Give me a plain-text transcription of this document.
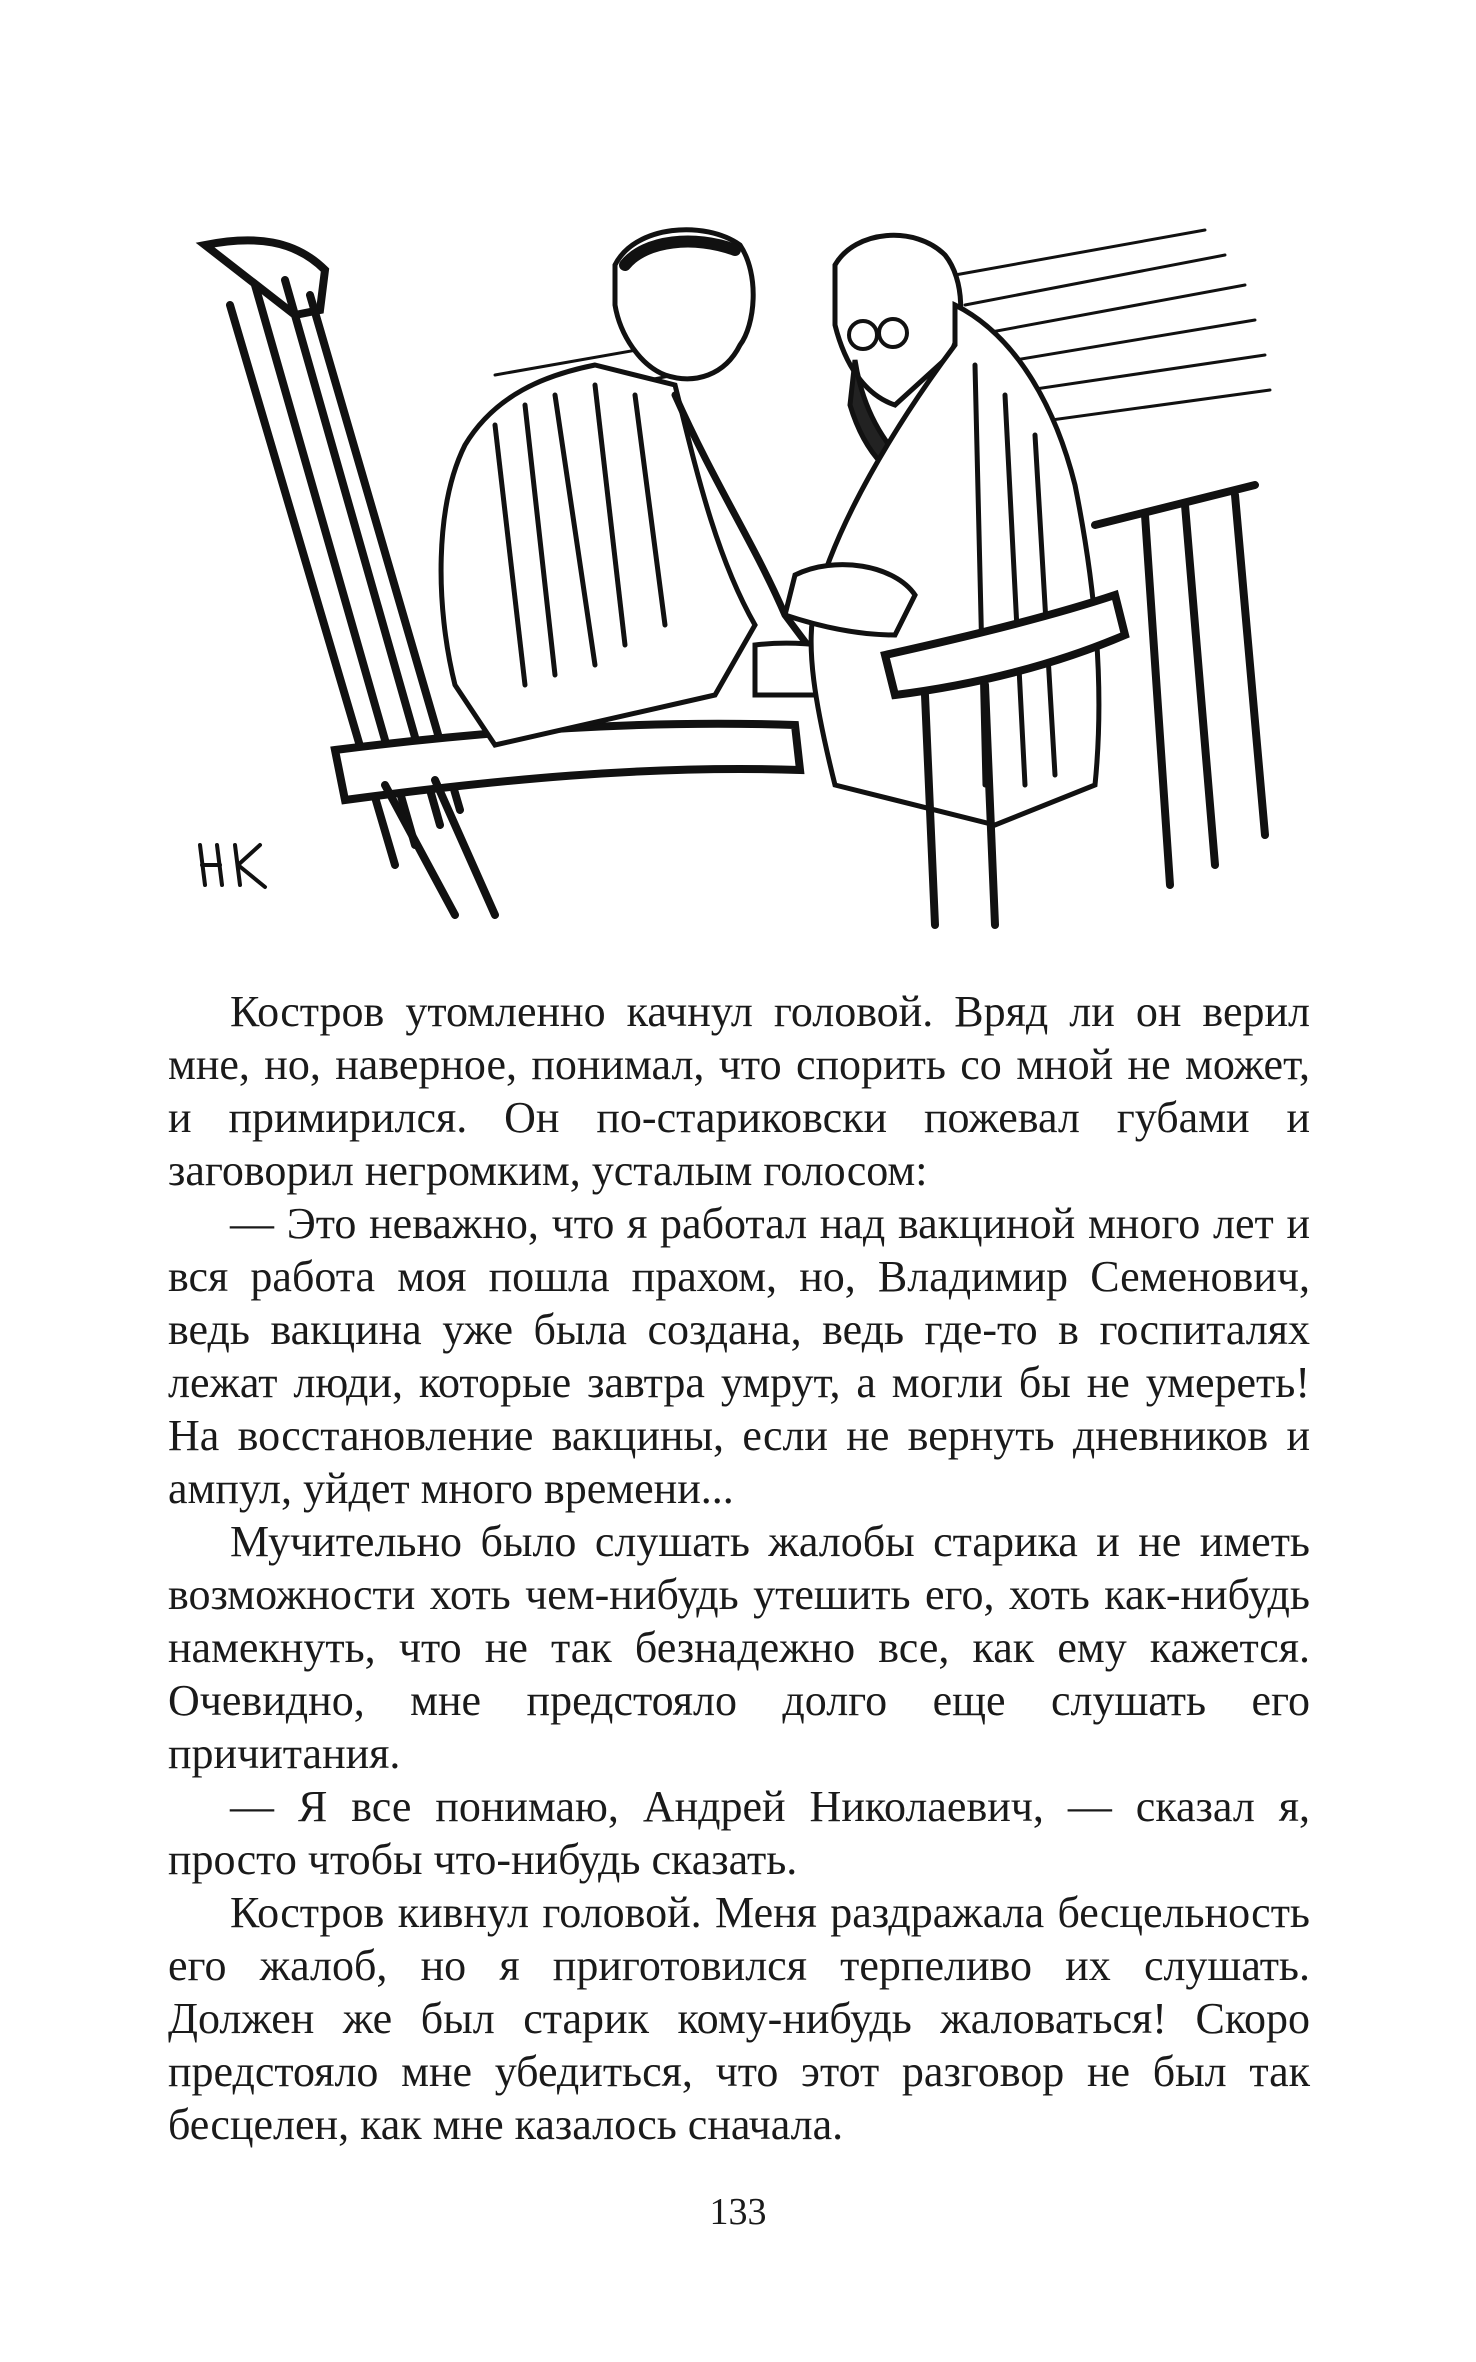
Костров утомленно качнул головой. Вряд ли он верил мне, но, наверное, понимал, что спорить со мной не может, и примирился. Он по-стариковски пожевал губами и заговорил негромким, усталым голосом:

— Это неважно, что я работал над вакциной много лет и вся работа моя пошла прахом, но, Владимир Семенович, ведь вакцина уже была создана, ведь где-то в госпиталях лежат люди, которые завтра умрут, а могли бы не умереть! На восстановление вакцины, если не вернуть дневников и ампул, уйдет много времени...

Мучительно было слушать жалобы старика и не иметь возможности хоть чем-нибудь утешить его, хоть как-нибудь намекнуть, что не так безнадежно все, как ему кажется. Очевидно, мне предстояло долго еще слушать его причитания.

— Я все понимаю, Андрей Николаевич, — сказал я, просто чтобы что-нибудь сказать.

Костров кивнул головой. Меня раздражала бесцельность его жалоб, но я приготовился терпеливо их слушать. Должен же был старик кому-нибудь жаловаться! Скоро предстояло мне убедиться, что этот разговор не был так бесцелен, как мне казалось сначала.

133
